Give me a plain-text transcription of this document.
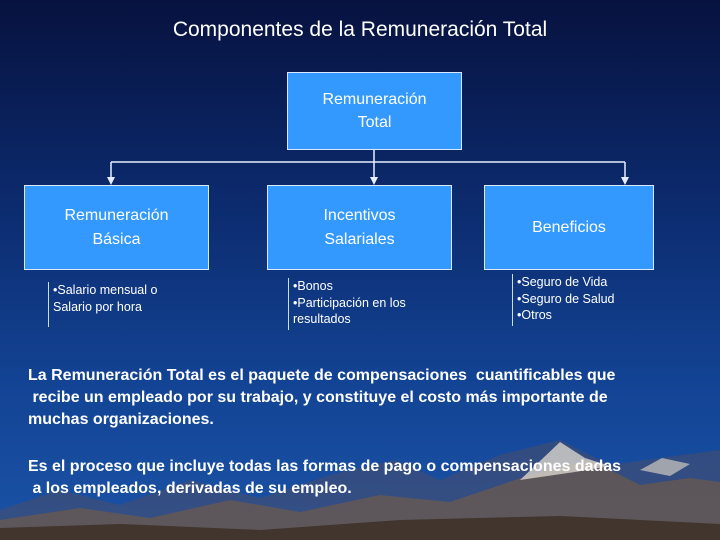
Componentes de la Remuneración Total
Remuneración
Total
Remuneración
Básica
Incentivos
Salariales
Beneficios
•Salario mensual o
Salario por hora
•Bonos
•Participación en los
resultados
•Seguro de Vida
•Seguro de Salud
•Otros
La Remuneración Total es el paquete de compensaciones  cuantificables que
recibe un empleado por su trabajo, y constituye el costo más importante de
muchas organizaciones.
Es el proceso que incluye todas las formas de pago o compensaciones dadas
a los empleados, derivadas de su empleo.
